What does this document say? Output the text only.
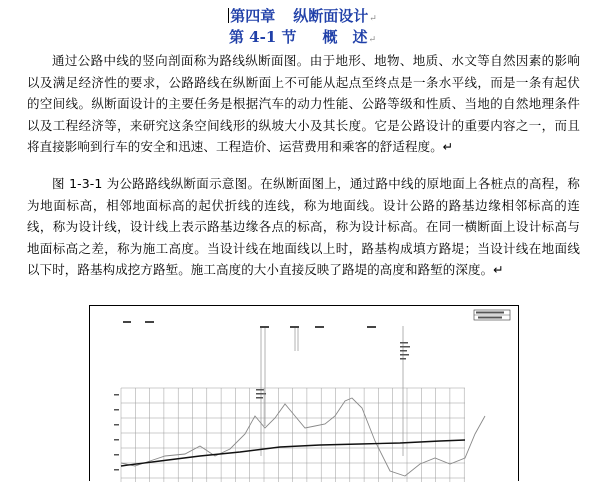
第四章 纵断面设计↵
第 4-1 节 概　述↵

通过公路中线的竖向剖面称为路线纵断面图。由于地形、地物、地质、水文等自然因素的影响以及满足经济性的要求，公路路线在纵断面上不可能从起点至终点是一条水平线，而是一条有起伏的空间线。纵断面设计的主要任务是根据汽车的动力性能、公路等级和性质、当地的自然地理条件以及工程经济等，来研究这条空间线形的纵坡大小及其长度。它是公路设计的重要内容之一，而且将直接影响到行车的安全和迅速、工程造价、运营费用和乘客的舒适程度。↵

图 1-3-1 为公路路线纵断面示意图。在纵断面图上，通过路中线的原地面上各桩点的高程，称为地面标高，相邻地面标高的起伏折线的连线，称为地面线。设计公路的路基边缘相邻标高的连线，称为设计线，设计线上表示路基边缘各点的标高，称为设计标高。在同一横断面上设计标高与地面标高之差，称为施工高度。当设计线在地面线以上时，路基构成填方路堤；当设计线在地面线以下时，路基构成挖方路堑。施工高度的大小直接反映了路堤的高度和路堑的深度。↵
